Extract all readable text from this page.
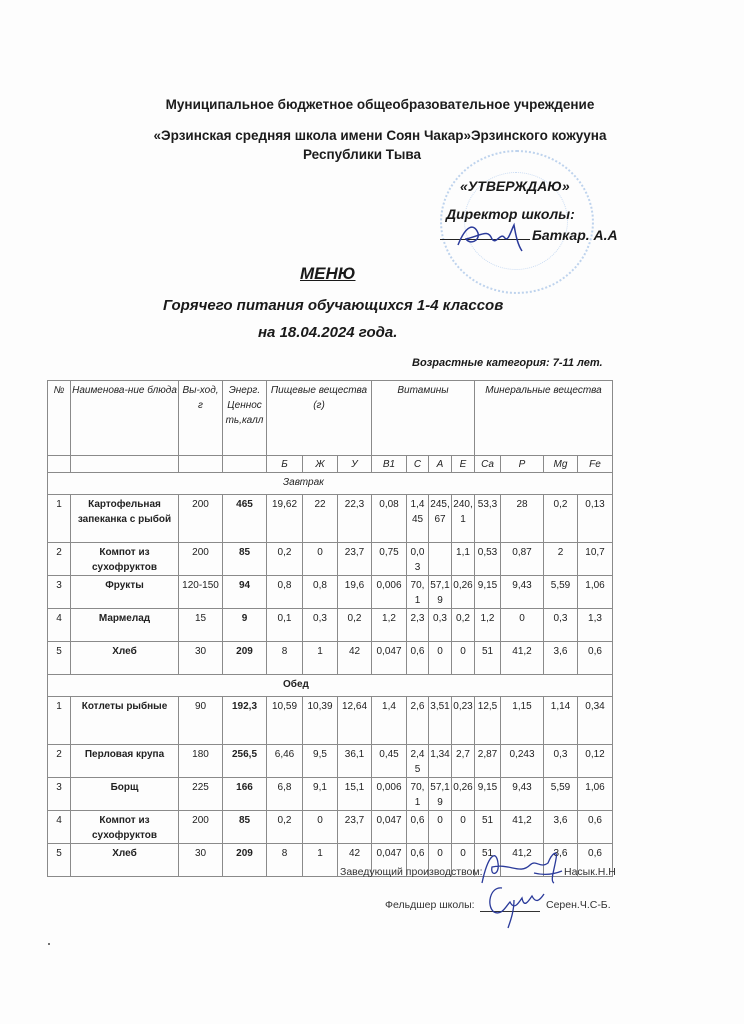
Муниципальное бюджетное общеобразовательное учреждение
«Эрзинская средняя школа имени Соян Чакар»Эрзинского кожууна
Республики Тыва
«УТВЕРЖДАЮ»
Директор школы:
Баткар. А.А
МЕНЮ
Горячего питания обучающихся 1-4 классов
на 18.04.2024 года.
Возрастные категория: 7-11 лет.
№	Наименова-ние блюда	Вы-ход,г	Энерг. Ценность,калл	Пищевые вещества (г)			Витамины				Минеральные вещества			
				Б	Ж	У	В1	С	А	Е	Ca	P	Mg	Fe
Завтрак														
1	Картофельная запеканка с рыбой	200	465	19,62	22	22,3	0,08	1,445	245,67	240,1	53,3	28	0,2	0,13
2	Компот из сухофруктов	200	85	0,2	0	23,7	0,75	0,03		1,1	0,53	0,87	2	10,7
3	Фрукты	120-150	94	0,8	0,8	19,6	0,006	70,1	57,19	0,26	9,15	9,43	5,59	1,06
4	Мармелад	15	9	0,1	0,3	0,2	1,2	2,3	0,3	0,2	1,2	0	0,3	1,3
5	Хлеб	30	209	8	1	42	0,047	0,6	0	0	51	41,2	3,6	0,6
Обед														
1	Котлеты рыбные	90	192,3	10,59	10,39	12,64	1,4	2,6	3,51	0,23	12,5	1,15	1,14	0,34
2	Перловая крупа	180	256,5	6,46	9,5	36,1	0,45	2,45	1,34	2,7	2,87	0,243	0,3	0,12
3	Борщ	225	166	6,8	9,1	15,1	0,006	70,1	57,19	0,26	9,15	9,43	5,59	1,06
4	Компот из сухофруктов	200	85	0,2	0	23,7	0,047	0,6	0	0	51	41,2	3,6	0,6
5	Хлеб	30	209	8	1	42	0,047	0,6	0	0	51	41,2	3,6	0,6
Заведующий производством:	Насык.Н.Н
Фельдшер школы:	Серен.Ч.С-Б.
